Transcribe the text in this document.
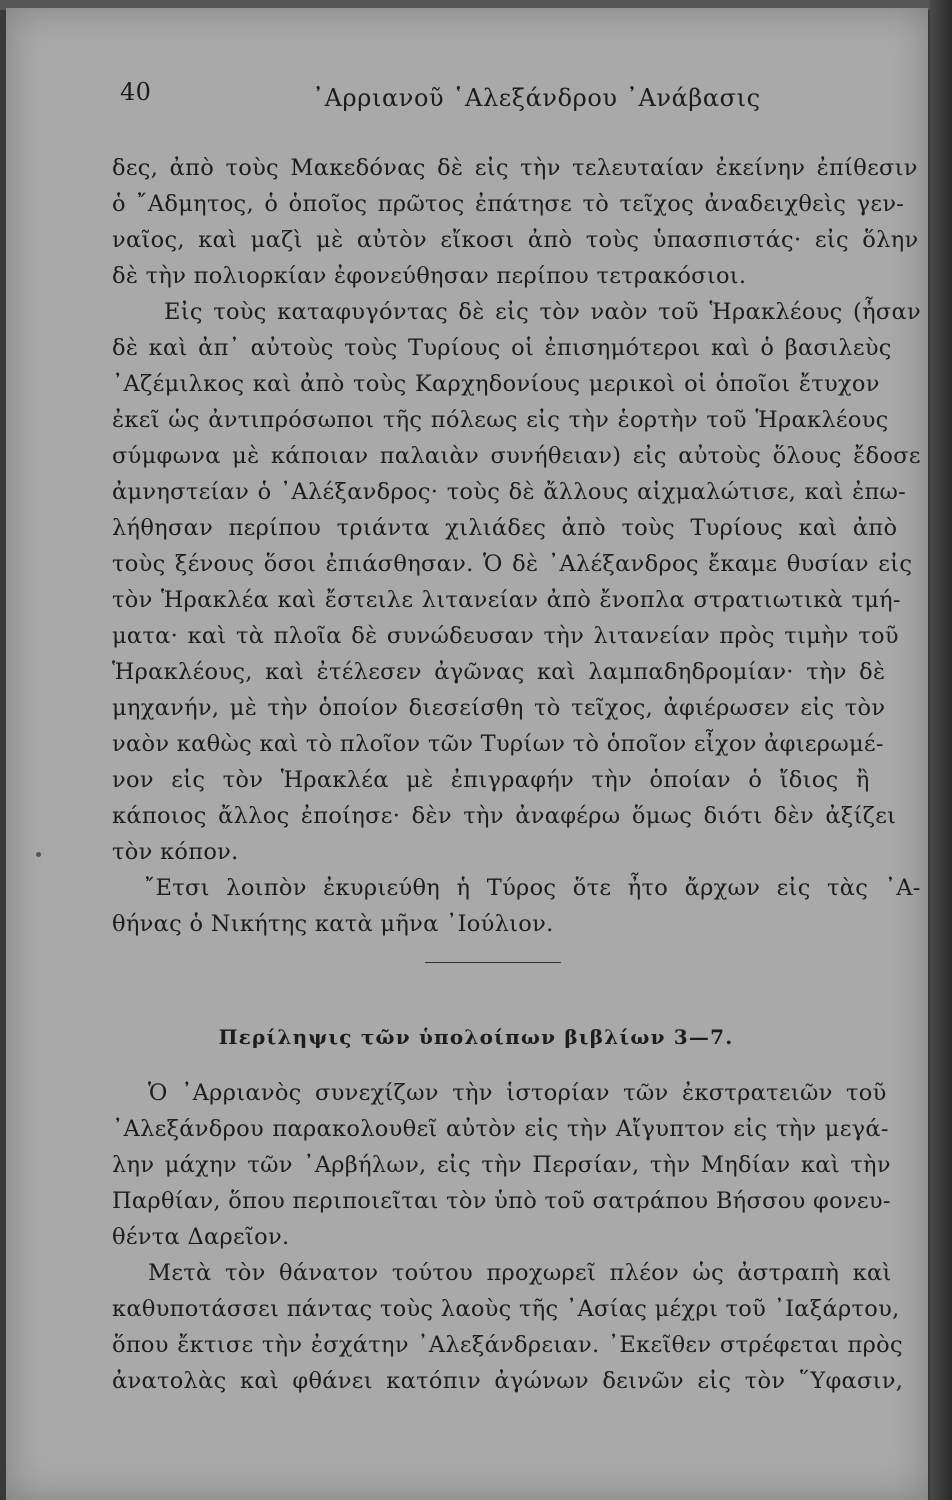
40	᾿Αρριανοῦ ῾Αλεξάνδρου ᾿Ανάβασις
δες, ἀπὸ τοὺς Μακεδόνας δὲ εἰς τὴν τελευταίαν ἐκείνην ἐπίθεσιν
ὁ ῎Αδμητος, ὁ ὁποῖος πρῶτος ἐπάτησε τὸ τεῖχος ἀναδειχθεὶς γεν-
ναῖος, καὶ μαζὶ μὲ αὐτὸν εἴκοσι ἀπὸ τοὺς ὑπασπιστάς· εἰς ὅλην
δὲ τὴν πολιορκίαν ἐφονεύθησαν περίπου τετρακόσιοι.
Εἰς τοὺς καταφυγόντας δὲ εἰς τὸν ναὸν τοῦ Ἡρακλέους (ἦσαν
δὲ καὶ ἀπ᾿ αὐτοὺς τοὺς Τυρίους οἱ ἐπισημότεροι καὶ ὁ βασιλεὺς
᾿Αζέμιλκος καὶ ἀπὸ τοὺς Καρχηδονίους μερικοὶ οἱ ὁποῖοι ἔτυχον
ἐκεῖ ὡς ἀντιπρόσωποι τῆς πόλεως εἰς τὴν ἑορτὴν τοῦ Ἡρακλέους
σύμφωνα μὲ κάποιαν παλαιὰν συνήθειαν) εἰς αὐτοὺς ὅλους ἔδοσε
ἀμνηστείαν ὁ ᾿Αλέξανδρος· τοὺς δὲ ἄλλους αἰχμαλώτισε, καὶ ἐπω-
λήθησαν περίπου τριάντα χιλιάδες ἀπὸ τοὺς Τυρίους καὶ ἀπὸ
τοὺς ξένους ὅσοι ἐπιάσθησαν. Ὁ δὲ ᾿Αλέξανδρος ἔκαμε θυσίαν εἰς
τὸν Ἡρακλέα καὶ ἔστειλε λιτανείαν ἀπὸ ἔνοπλα στρατιωτικὰ τμή-
ματα· καὶ τὰ πλοῖα δὲ συνώδευσαν τὴν λιτανείαν πρὸς τιμὴν τοῦ
Ἡρακλέους, καὶ ἐτέλεσεν ἀγῶνας καὶ λαμπαδηδρομίαν· τὴν δὲ
μηχανήν, μὲ τὴν ὁποίον διεσείσθη τὸ τεῖχος, ἀφιέρωσεν εἰς τὸν
ναὸν καθὼς καὶ τὸ πλοῖον τῶν Τυρίων τὸ ὁποῖον εἶχον ἀφιερωμέ-
νον εἰς τὸν Ἡρακλέα μὲ ἐπιγραφήν τὴν ὁποίαν ὁ ἴδιος ἢ
κάποιος ἄλλος ἐποίησε· δὲν τὴν ἀναφέρω ὅμως διότι δὲν ἀξίζει
τὸν κόπον.
῎Ετσι λοιπὸν ἐκυριεύθη ἡ Τύρος ὅτε ἦτο ἄρχων εἰς τὰς ᾿Α-
θήνας ὁ Νικήτης κατὰ μῆνα ᾿Ιούλιον.
Περίληψις τῶν ὑπολοίπων βιβλίων 3—7.
Ὁ ᾿Αρριανὸς συνεχίζων τὴν ἱστορίαν τῶν ἐκστρατειῶν τοῦ
᾿Αλεξάνδρου παρακολουθεῖ αὐτὸν εἰς τὴν Αἴγυπτον εἰς τὴν μεγά-
λην μάχην τῶν ᾿Αρβήλων, εἰς τὴν Περσίαν, τὴν Μηδίαν καὶ τὴν
Παρθίαν, ὅπου περιποιεῖται τὸν ὑπὸ τοῦ σατράπου Βήσσου φονευ-
θέντα Δαρεῖον.
Μετὰ τὸν θάνατον τούτου προχωρεῖ πλέον ὡς ἀστραπὴ καὶ
καθυποτάσσει πάντας τοὺς λαοὺς τῆς ᾿Ασίας μέχρι τοῦ ᾿Ιαξάρτου,
ὅπου ἔκτισε τὴν ἐσχάτην ᾿Αλεξάνδρειαν. ᾿Εκεῖθεν στρέφεται πρὸς
ἀνατολὰς καὶ φθάνει κατόπιν ἀγώνων δεινῶν εἰς τὸν ῞Υφασιν,
